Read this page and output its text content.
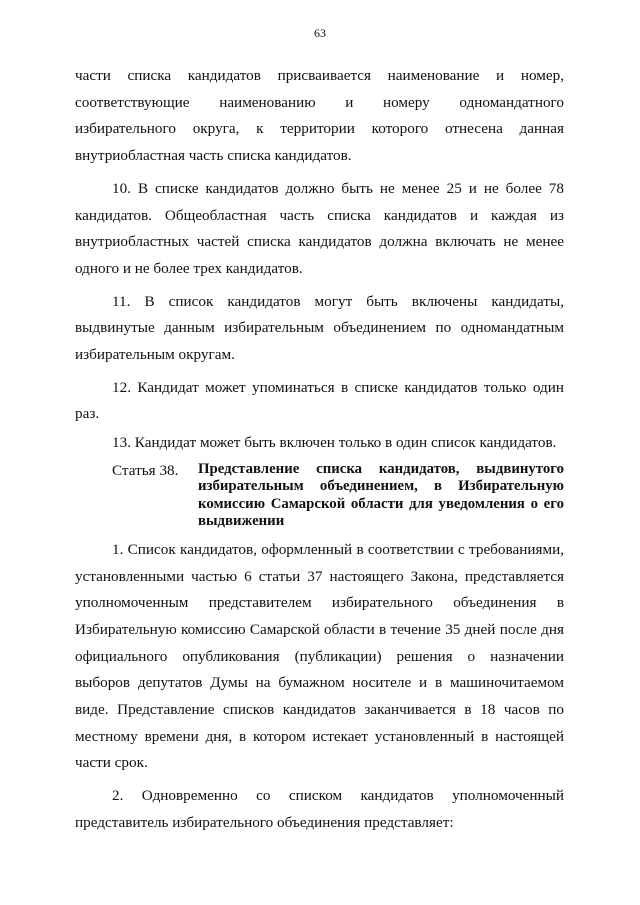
63

части списка кандидатов присваивается наименование и номер, соответствующие наименованию и номеру одномандатного избирательного округа, к территории которого отнесена данная внутриобластная часть списка кандидатов.

10. В списке кандидатов должно быть не менее 25 и не более 78 кандидатов. Общеобластная часть списка кандидатов и каждая из внутриобластных частей списка кандидатов должна включать не менее одного и не более трех кандидатов.

11. В список кандидатов могут быть включены кандидаты, выдвинутые данным избирательным объединением по одномандатным избирательным округам.

12. Кандидат может упоминаться в списке кандидатов только один раз.

13. Кандидат может быть включен только в один список кандидатов.

Статья 38.	Представление списка кандидатов, выдвинутого избирательным объединением, в Избирательную комиссию Самарской области для уведомления о его выдвижении

1. Список кандидатов, оформленный в соответствии с требованиями, установленными частью 6 статьи 37 настоящего Закона, представляется уполномоченным представителем избирательного объединения в Избирательную комиссию Самарской области в течение 35 дней после дня официального опубликования (публикации) решения о назначении выборов депутатов Думы на бумажном носителе и в машиночитаемом виде. Представление списков кандидатов заканчивается в 18 часов по местному времени дня, в котором истекает установленный в настоящей части срок.

2. Одновременно со списком кандидатов уполномоченный представитель избирательного объединения представляет:
